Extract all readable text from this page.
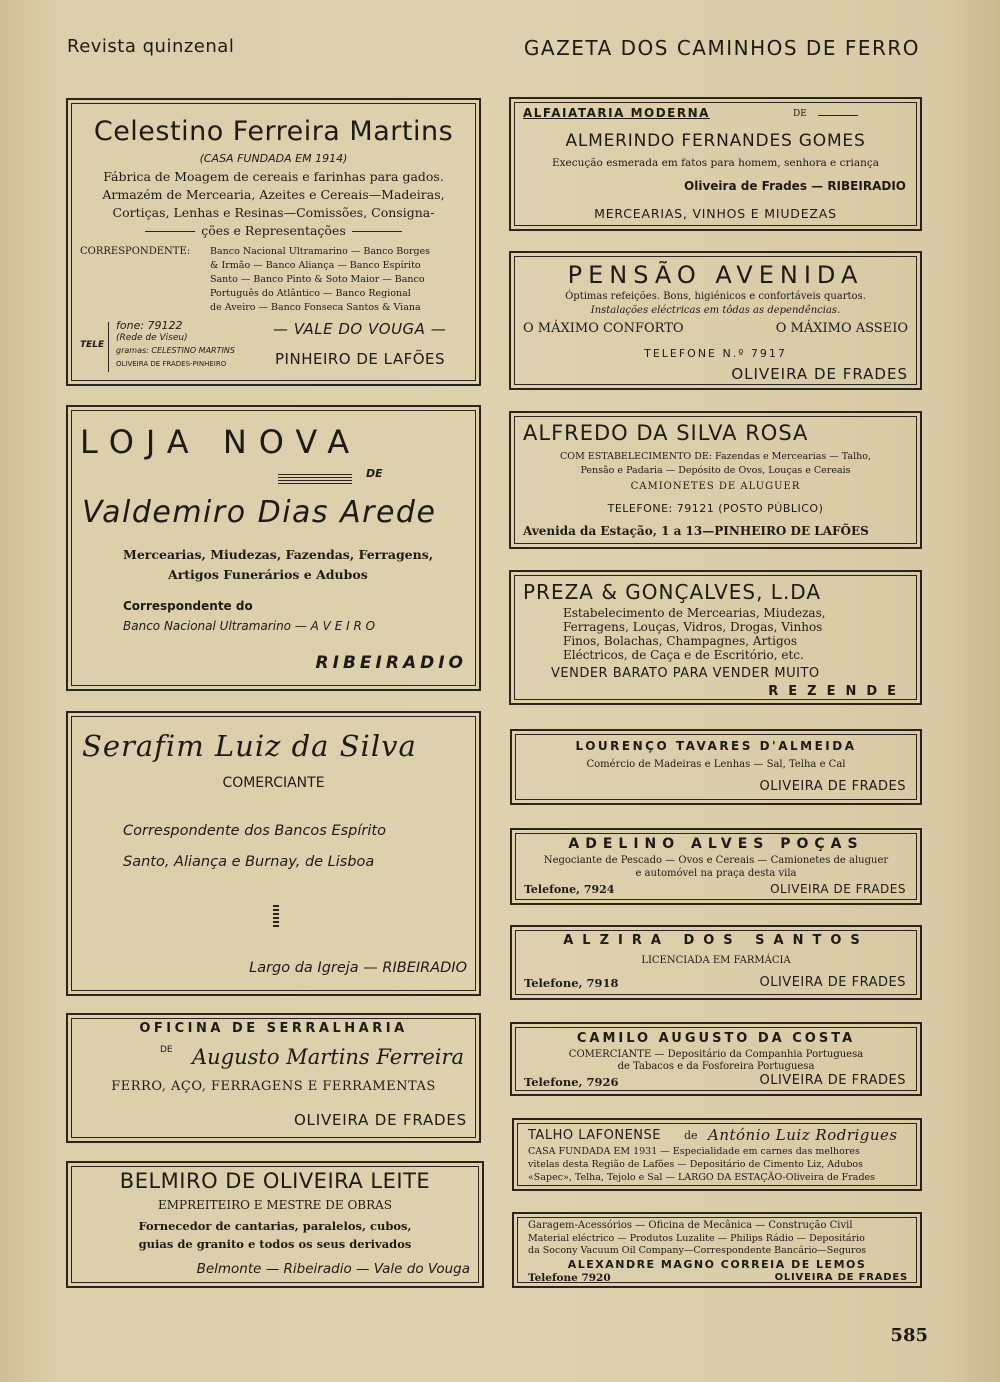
Revista quinzenal	GAZETA DOS CAMINHOS DE FERRO
Celestino Ferreira Martins
(CASA FUNDADA EM 1914)
Fábrica de Moagem de cereais e farinhas para gados.
Armazém de Mercearia, Azeites e Cereais—Madeiras,
Cortiças, Lenhas e Resinas—Comissões, Consigna-
ções e Representações
CORRESPONDENTE: Banco Nacional Ultramarino — Banco Borges
& Irmão — Banco Aliança — Banco Espírito
Santo — Banco Pinto & Soto Maior — Banco
Português do Atlântico — Banco Regional
de Aveiro — Banco Fonseca Santos & Viana
TELE
fone: 79122
(Rede de Viseu)
gramas: CELESTINO MARTINS
OLIVEIRA DE FRADES-PINHEIRO
— VALE DO VOUGA —
PINHEIRO DE LAFÕES
LOJA NOVA
DE
Valdemiro Dias Arede
Mercearias, Miudezas, Fazendas, Ferragens,
Artigos Funerários e Adubos
Correspondente do
Banco Nacional Ultramarino — A V E I R O
RIBEIRADIO
Serafim Luiz da Silva
COMERCIANTE
Correspondente dos Bancos Espírito
Santo, Aliança e Burnay, de Lisboa
Largo da Igreja — RIBEIRADIO
OFICINA DE SERRALHARIA
DE Augusto Martins Ferreira
FERRO, AÇO, FERRAGENS E FERRAMENTAS
OLIVEIRA DE FRADES
BELMIRO DE OLIVEIRA LEITE
EMPREITEIRO E MESTRE DE OBRAS
Fornecedor de cantarias, paralelos, cubos,
guias de granito e todos os seus derivados
Belmonte — Ribeiradio — Vale do Vouga
ALFAIATARIA MODERNA	DE
ALMERINDO FERNANDES GOMES
Execução esmerada em fatos para homem, senhora e criança
Oliveira de Frades — RIBEIRADIO
MERCEARIAS, VINHOS E MIUDEZAS
PENSÃO AVENIDA
Óptimas refeições. Bons, higiénicos e confortáveis quartos.
Instalações eléctricas em tôdas as dependências.
O MÁXIMO CONFORTO	O MÁXIMO ASSEIO
TELEFONE N.º 7917
OLIVEIRA DE FRADES
ALFREDO DA SILVA ROSA
COM ESTABELECIMENTO DE: Fazendas e Mercearias — Talho,
Pensão e Padaria — Depósito de Ovos, Louças e Cereais
CAMIONETES DE ALUGUER
TELEFONE: 79121 (POSTO PÚBLICO)
Avenida da Estação, 1 a 13—PINHEIRO DE LAFÕES
PREZA & GONÇALVES, L.DA
Estabelecimento de Mercearias, Miudezas,
Ferragens, Louças, Vidros, Drogas, Vinhos
Finos, Bolachas, Champagnes, Artigos
Eléctricos, de Caça e de Escritório, etc.
VENDER BARATO PARA VENDER MUITO
REZENDE
LOURENÇO TAVARES D'ALMEIDA
Comércio de Madeiras e Lenhas — Sal, Telha e Cal
OLIVEIRA DE FRADES
ADELINO ALVES POÇAS
Negociante de Pescado — Ovos e Cereais — Camionetes de aluguer
e automóvel na praça desta vila
Telefone, 7924	OLIVEIRA DE FRADES
ALZIRA DOS SANTOS
LICENCIADA EM FARMÁCIA
Telefone, 7918	OLIVEIRA DE FRADES
CAMILO AUGUSTO DA COSTA
COMERCIANTE — Depositário da Companhia Portuguesa
de Tabacos e da Fosforeira Portuguesa
Telefone, 7926	OLIVEIRA DE FRADES
TALHO LAFONENSE de António Luiz Rodrigues
CASA FUNDADA EM 1931 — Especialidade em carnes das melhores
vitelas desta Região de Lafões — Depositário de Cimento Liz, Adubos
«Sapec», Telha, Tejolo e Sal — LARGO DA ESTAÇÃO-Oliveira de Frades
Garagem-Acessórios — Oficina de Mecânica — Construção Civil
Material eléctrico — Produtos Luzalite — Philips Rádio — Depositário
da Socony Vacuum Oil Company—Correspondente Bancário—Seguros
ALEXANDRE MAGNO CORREIA DE LEMOS
Telefone 7920	OLIVEIRA DE FRADES
585
